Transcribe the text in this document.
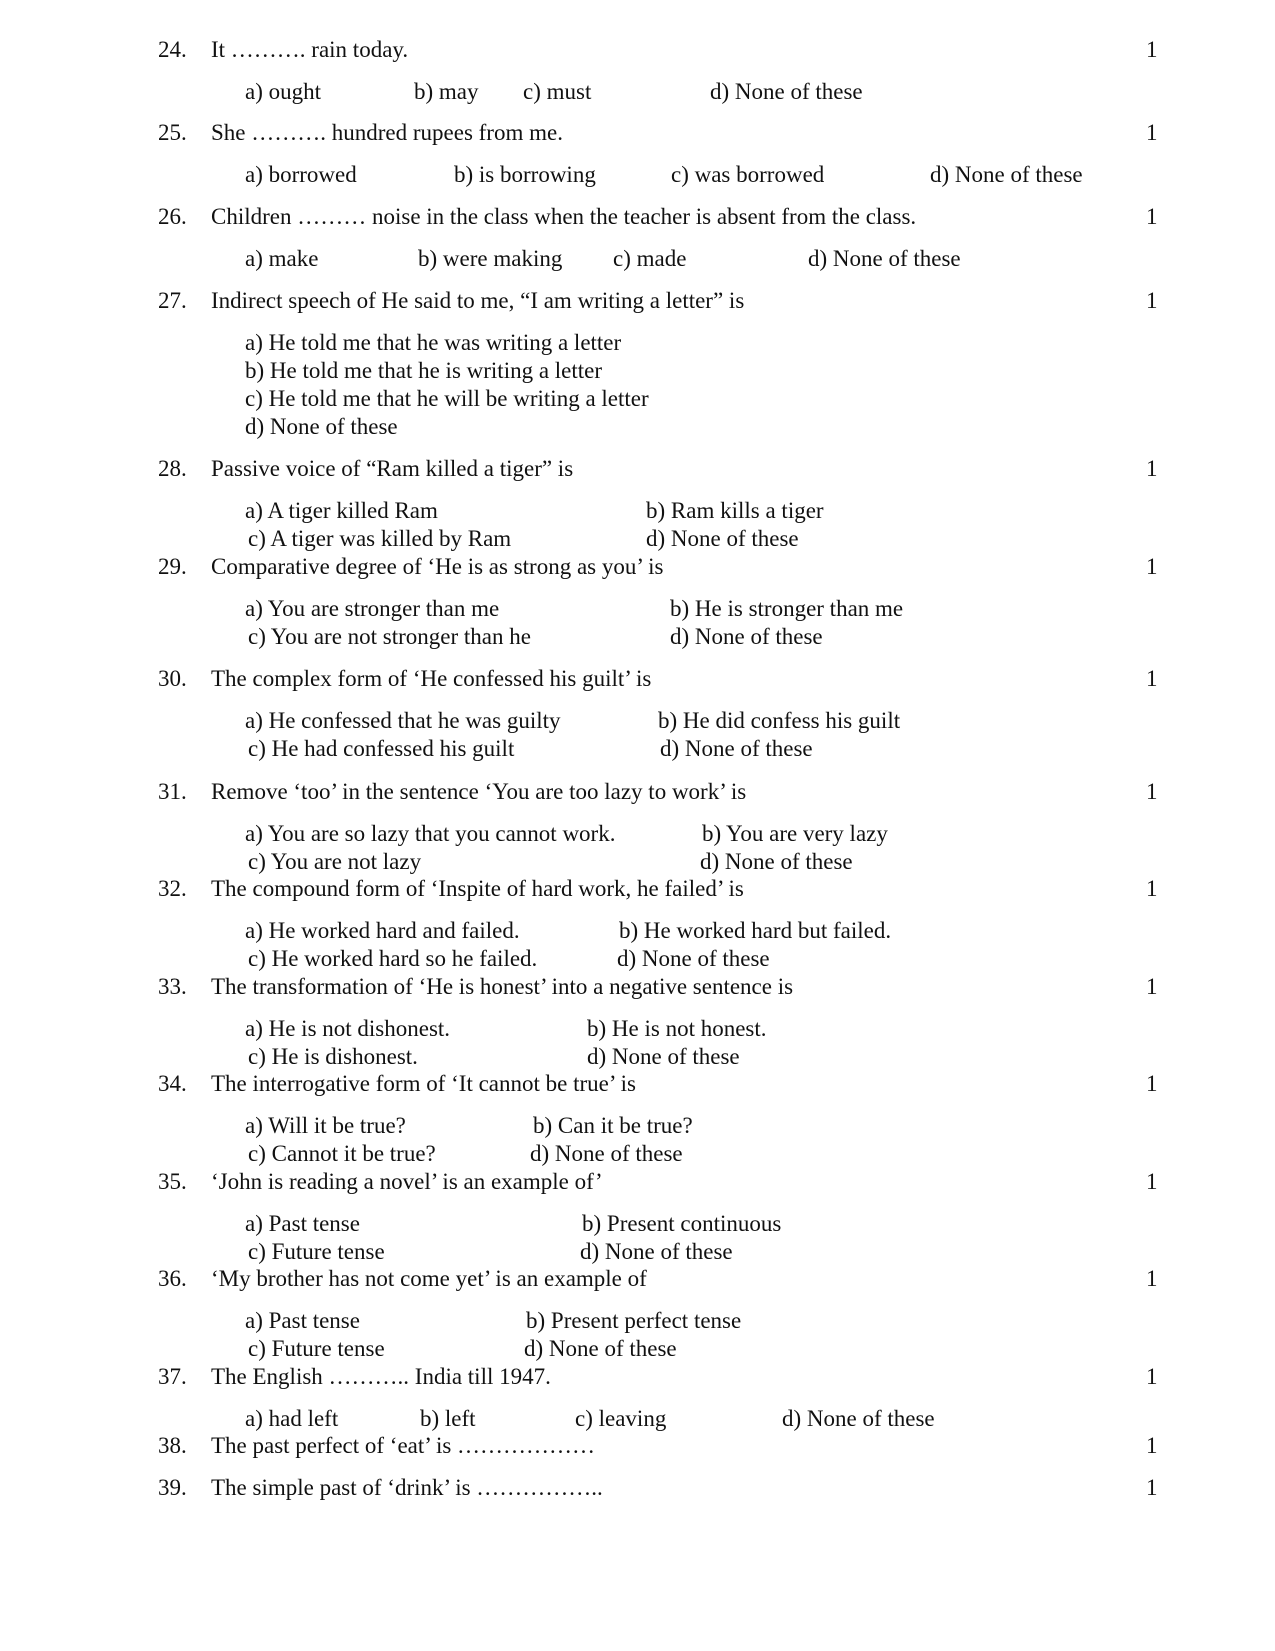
24. It ………. rain today.	1
a) ought	b) may c) must	d) None of these
25. She ………. hundred rupees from me.	1
a) borrowed	b) is borrowing	c) was borrowed	d) None of these
26. Children ……… noise in the class when the teacher is absent from the class.	1
a) make	b) were making c) made	d) None of these
27. Indirect speech of He said to me, “I am writing a letter” is	1
a) He told me that he was writing a letter
b) He told me that he is writing a letter
c) He told me that he will be writing a letter
d) None of these
28. Passive voice of “Ram killed a tiger” is	1
a) A tiger killed Ram	b) Ram kills a tiger
c) A tiger was killed by Ram	d) None of these
29. Comparative degree of ‘He is as strong as you’ is	1
a) You are stronger than me	b) He is stronger than me
c) You are not stronger than he	d) None of these
30. The complex form of ‘He confessed his guilt’ is	1
a) He confessed that he was guilty	b) He did confess his guilt
c) He had confessed his guilt	d) None of these
31. Remove ‘too’ in the sentence ‘You are too lazy to work’ is	1
a) You are so lazy that you cannot work.	b) You are very lazy
c) You are not lazy	d) None of these
32. The compound form of ‘Inspite of hard work, he failed’ is	1
a) He worked hard and failed.	b) He worked hard but failed.
c) He worked hard so he failed.	d) None of these
33. The transformation of ‘He is honest’ into a negative sentence is	1
a) He is not dishonest.	b) He is not honest.
c) He is dishonest.	d) None of these
34. The interrogative form of ‘It cannot be true’ is	1
a) Will it be true?	b) Can it be true?
c) Cannot it be true?	d) None of these
35. ‘John is reading a novel’ is an example of’	1
a) Past tense	b) Present continuous
c) Future tense	d) None of these
36. ‘My brother has not come yet’ is an example of	1
a) Past tense	b) Present perfect tense
c) Future tense	d) None of these
37. The English ……….. India till 1947.	1
a) had left	b) left	c) leaving	d) None of these
38. The past perfect of ‘eat’ is ………………	1
39. The simple past of ‘drink’ is ……………..	1
